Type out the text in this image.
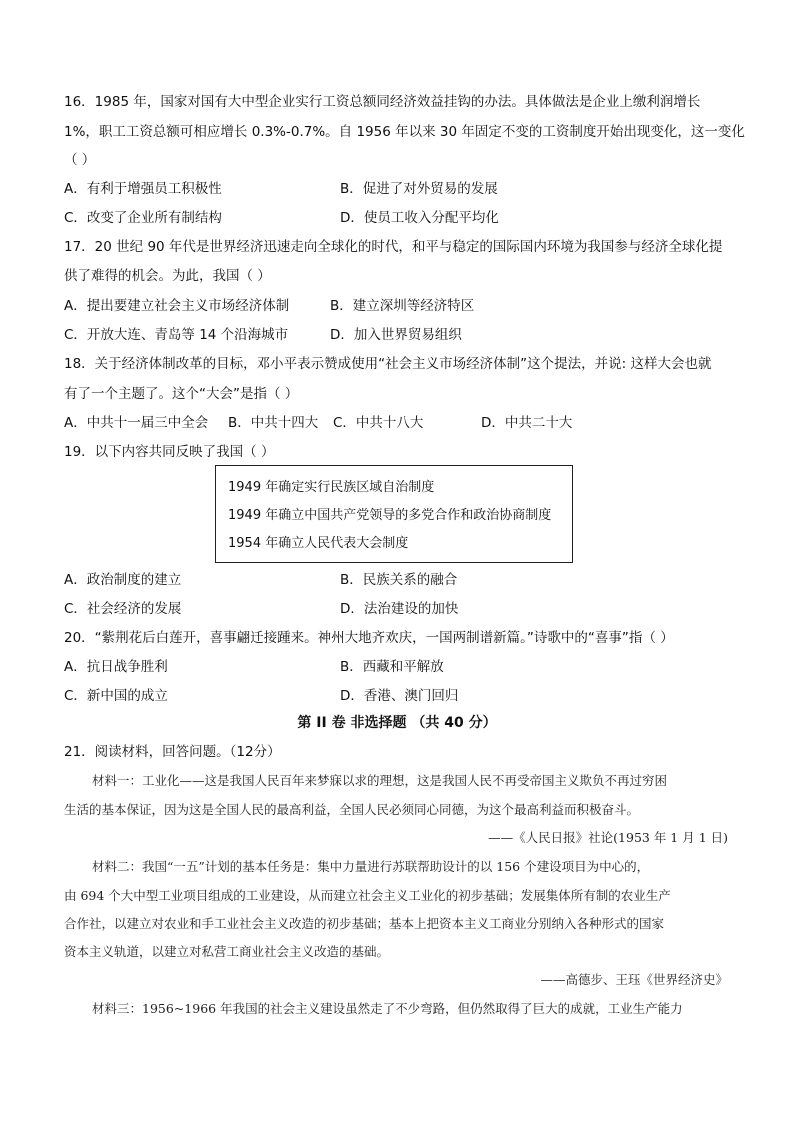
16．1985 年，国家对国有大中型企业实行工资总额同经济效益挂钩的办法。具体做法是企业上缴利润增长
1%，职工工资总额可相应增长 0.3%-0.7%。自 1956 年以来 30 年固定不变的工资制度开始出现变化，这一变化
（ ）
A．有利于增强员工积极性	B．促进了对外贸易的发展
C．改变了企业所有制结构	D．使员工收入分配平均化
17．20 世纪 90 年代是世界经济迅速走向全球化的时代，和平与稳定的国际国内环境为我国参与经济全球化提
供了难得的机会。为此，我国（ ）
A．提出要建立社会主义市场经济体制	B．建立深圳等经济特区
C．开放大连、青岛等 14 个沿海城市	D．加入世界贸易组织
18．关于经济体制改革的目标，邓小平表示赞成使用“社会主义市场经济体制”这个提法，并说: 这样大会也就
有了一个主题了。这个“大会”是指（ ）
A．中共十一届三中全会 B．中共十四大 C．中共十八大	D．中共二十大
19．以下内容共同反映了我国（ ）
1949 年确定实行民族区域自治制度
1949 年确立中国共产党领导的多党合作和政治协商制度
1954 年确立人民代表大会制度
A．政治制度的建立	B．民族关系的融合
C．社会经济的发展	D．法治建设的加快
20．“紫荆花后白莲开，喜事翩迁接踵来。神州大地齐欢庆，一国两制谱新篇。”诗歌中的“喜事”指（ ）
A．抗日战争胜利	B．西藏和平解放
C．新中国的成立	D．香港、澳门回归
第 II 卷 非选择题 （共 40 分）
21．阅读材料，回答问题。（12分）
材料一：工业化——这是我国人民百年来梦寐以求的理想，这是我国人民不再受帝国主义欺负不再过穷困
生活的基本保证，因为这是全国人民的最高利益，全国人民必须同心同德，为这个最高利益而积极奋斗。
——《人民日报》社论(1953 年 1 月 1 日)
材料二：我国“一五”计划的基本任务是：集中力量进行苏联帮助设计的以 156 个建设项目为中心的，
由 694 个大中型工业项目组成的工业建设，从而建立社会主义工业化的初步基础；发展集体所有制的农业生产
合作社，以建立对农业和手工业社会主义改造的初步基础；基本上把资本主义工商业分别纳入各种形式的国家
资本主义轨道，以建立对私营工商业社会主义改造的基础。
——高德步、王珏《世界经济史》
材料三：1956~1966 年我国的社会主义建设虽然走了不少弯路，但仍然取得了巨大的成就，工业生产能力
